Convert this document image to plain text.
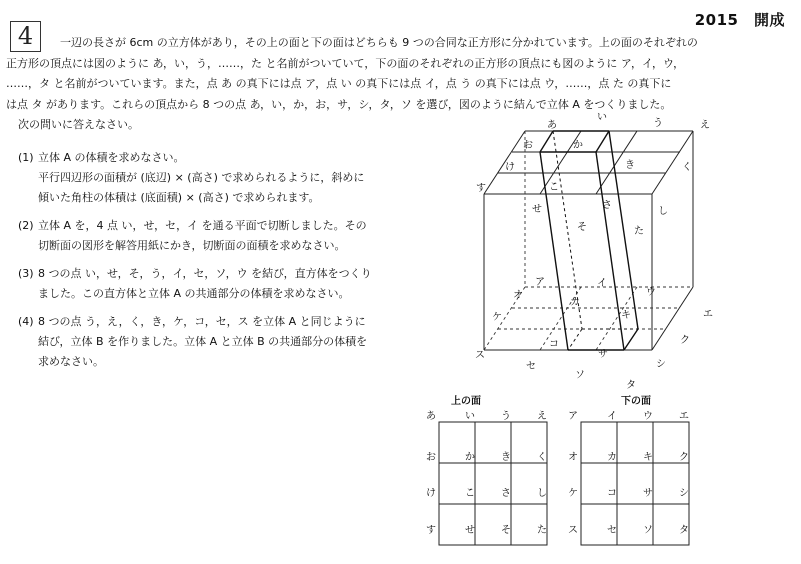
2015　開成
4	一辺の長さが 6cm の立方体があり，その上の面と下の面はどちらも 9 つの合同な正方形に分かれています。上の面のそれぞれの

正方形の頂点には図のように あ，い，う，……，た と名前がついていて，下の面のそれぞれの正方形の頂点にも図のように ア，イ，ウ，

……，タ と名前がついています。また，点 あ の真下には点 ア，点 い の真下には点 イ，点 う の真下には点 ウ，……，点 た の真下に

は点 タ があります。これらの頂点から 8 つの点 あ，い，か，お，サ，シ，タ，ソ を選び，図のように結んで立体 A をつくりました。

次の問いに答えなさい。

(1) 立体 A の体積を求めなさい。
平行四辺形の面積が (底辺) × (高さ) で求められるように，斜めに
傾いた角柱の体積は (底面積) × (高さ) で求められます。
(2) 立体 A を，4 点 い，せ，セ，イ を通る平面で切断しました。その
切断面の図形を解答用紙にかき，切断面の面積を求めなさい。
(3) 8 つの点 い，せ，そ，う，イ，セ，ソ，ウ を結び，直方体をつくり
ました。この直方体と立体 A の共通部分の体積を求めなさい。
(4) 8 つの点 う，え，く，き，ケ，コ，セ，ス を立体 A と同じように
結び，立体 B を作りました。立体 A と立体 B の共通部分の体積を
求めなさい。
あ
い
う	え
お	か
き	く
け
こ
さ
し
す
せ
そ	た
ア	イ
ウ
エ
オ
カ
キ
ク
ケ
コ
サ
シ
ス
セ
ソ
タ
上の面	下の面
あ	い	う	え
お	か	き	く
け	こ	さ	し
す	せ	そ	た
ア	イ	ウ	エ
オ	カ	キ	ク
ケ	コ	サ	シ
ス	セ	ソ	タ
